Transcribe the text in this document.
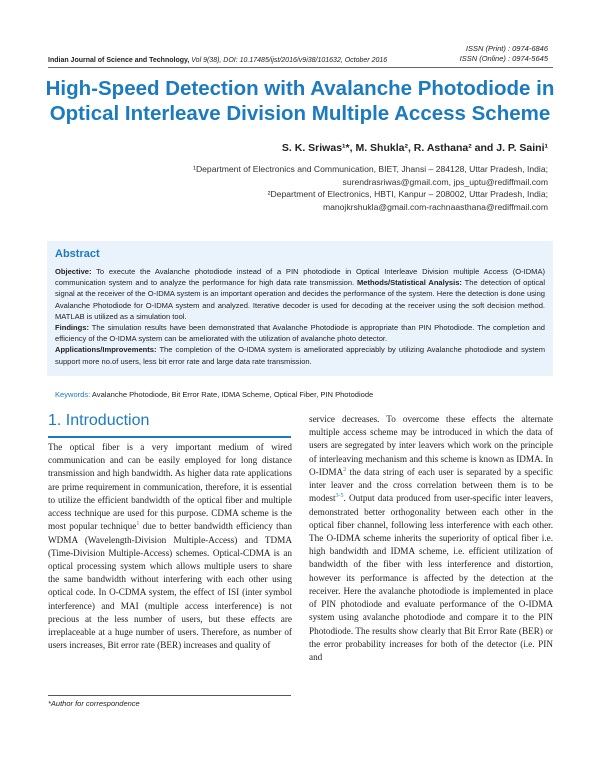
ISSN (Print) : 0974-6846
ISSN (Online) : 0974-5645
Indian Journal of Science and Technology, Vol 9(38), DOI: 10.17485/ijst/2016/v9i38/101632, October 2016
High-Speed Detection with Avalanche Photodiode in
Optical Interleave Division Multiple Access Scheme
S. K. Sriwas¹*, M. Shukla², R. Asthana² and J. P. Saini¹
¹Department of Electronics and Communication, BIET, Jhansi – 284128, Uttar Pradesh, India;
surendrasriwas@gmail.com, jps_uptu@rediffmail.com
²Department of Electronics, HBTI, Kanpur – 208002, Uttar Pradesh, India;
manojkrshukla@gmail.com-rachnaasthana@rediffmail.com
Abstract

Objective: To execute the Avalanche photodiode instead of a PIN photodiode in Optical Interleave Division multiple Access (O-IDMA) communication system and to analyze the performance for high data rate transmission. Methods/Statistical Analysis: The detection of optical signal at the receiver of the O-IDMA system is an important operation and decides the performance of the system. Here the detection is done using Avalanche Photodiode for O-IDMA system and analyzed. Iterative decoder is used for decoding at the receiver using the soft decision method. MATLAB is utilized as a simulation tool.

Findings: The simulation results have been demonstrated that Avalanche Photodiode is appropriate than PIN Photodiode. The completion and efficiency of the O-IDMA system can be ameliorated with the utilization of avalanche photo detector.

Applications/Improvements: The completion of the O-IDMA system is ameliorated appreciably by utilizing Avalanche photodiode and system support more no.of users, less bit error rate and large data rate transmission.

Keywords: Avalanche Photodiode, Bit Error Rate, IDMA Scheme, Optical Fiber, PIN Photodiode
1. Introduction

The optical fiber is a very important medium of wired communication and can be easily employed for long distance transmission and high bandwidth. As higher data rate applications are prime requirement in communication, therefore, it is essential to utilize the efficient bandwidth of the optical fiber and multiple access technique are used for this purpose. CDMA scheme is the most popular technique$^1$ due to better bandwidth efficiency than WDMA (Wavelength-Division Multiple-Access) and TDMA (Time-Division Multiple-Access) schemes. Optical-CDMA is an optical processing system which allows multiple users to share the same bandwidth without interfering with each other using optical code. In O-CDMA system, the effect of ISI (inter symbol interference) and MAI (multiple access interference) is not precious at the less number of users, but these effects are irreplaceable at a huge number of users. Therefore, as number of users increases, Bit error rate (BER) increases and quality of

service decreases. To overcome these effects the alternate multiple access scheme may be introduced in which the data of users are segregated by inter leavers which work on the principle of interleaving mechanism and this scheme is known as IDMA. In O-IDMA$^2$ the data string of each user is separated by a specific inter leaver and the cross correlation between them is to be modest$^{3-5}$. Output data produced from user-specific inter leavers, demonstrated better orthogonality between each other in the optical fiber channel, following less interference with each other. The O-IDMA scheme inherits the superiority of optical fiber i.e. high bandwidth and IDMA scheme, i.e. efficient utilization of bandwidth of the fiber with less interference and distortion, however its performance is affected by the detection at the receiver. Here the avalanche photodiode is implemented in place of PIN photodiode and evaluate performance of the O-IDMA system using avalanche photodiode and compare it to the PIN Photodiode. The results show clearly that Bit Error Rate (BER) or the error probability increases for both of the detector (i.e. PIN and

*Author for correspondence
